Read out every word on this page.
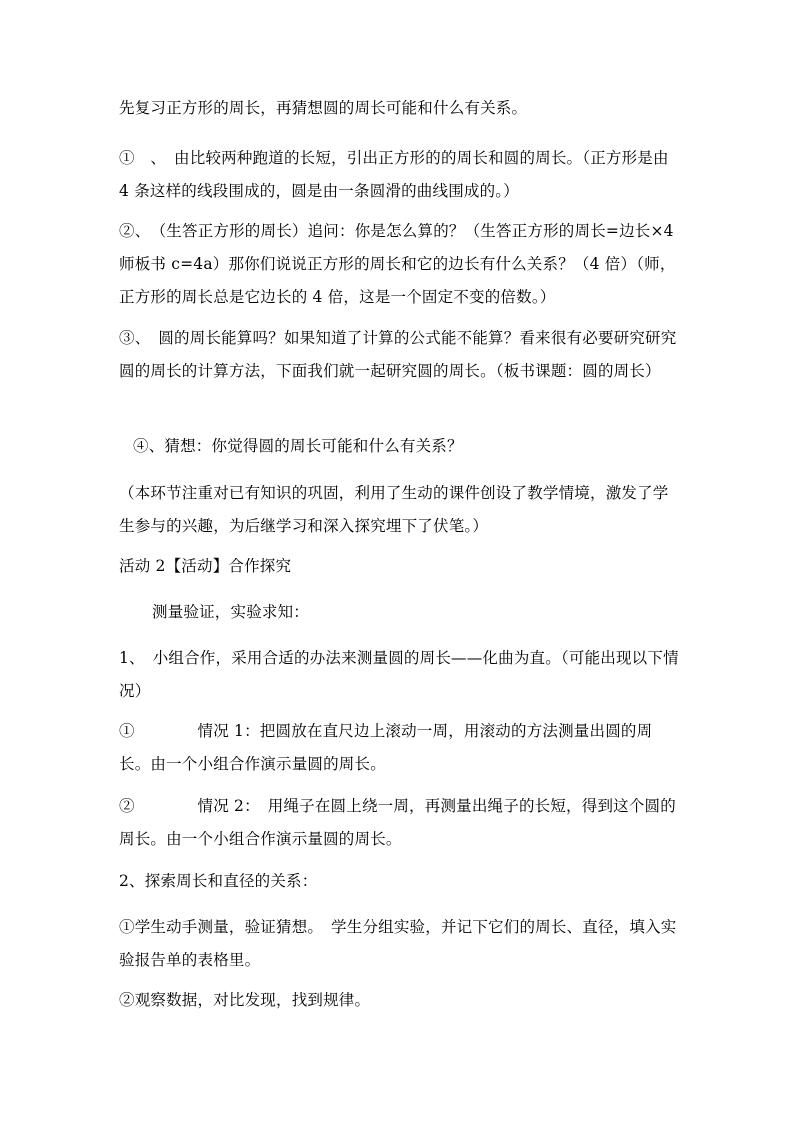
先复习正方形的周长，再猜想圆的周长可能和什么有关系。
①　、　由比较两种跑道的长短，引出正方形的的周长和圆的周长。（正方形是由 4 条这样的线段围成的，圆是由一条圆滑的曲线围成的。）
②、　（生答正方形的周长）追问：你是怎么算的？（生答正方形的周长=边长×4 师板书 c=4a）那你们说说正方形的周长和它的边长有什么关系？（4 倍）（师，正方形的周长总是它边长的 4 倍，这是一个固定不变的倍数。）
③、　圆的周长能算吗？如果知道了计算的公式能不能算？看来很有必要研究研究圆的周长的计算方法，下面我们就一起研究圆的周长。（板书课题：圆的周长）
④、猜想：你觉得圆的周长可能和什么有关系？
（本环节注重对已有知识的巩固，利用了生动的课件创设了教学情境，激发了学生参与的兴趣，为后继学习和深入探究埋下了伏笔。）
活动 2【活动】合作探究
测量验证，实验求知：
1、　小组合作，采用合适的办法来测量圆的周长——化曲为直。（可能出现以下情况）
①　　　　情况 1：把圆放在直尺边上滚动一周，用滚动的方法测量出圆的周长。由一个小组合作演示量圆的周长。
②　　　　情况 2：　用绳子在圆上绕一周，再测量出绳子的长短，得到这个圆的周长。由一个小组合作演示量圆的周长。
2、探索周长和直径的关系：
①学生动手测量，验证猜想。　学生分组实验，并记下它们的周长、直径，填入实验报告单的表格里。
②观察数据，对比发现，找到规律。
